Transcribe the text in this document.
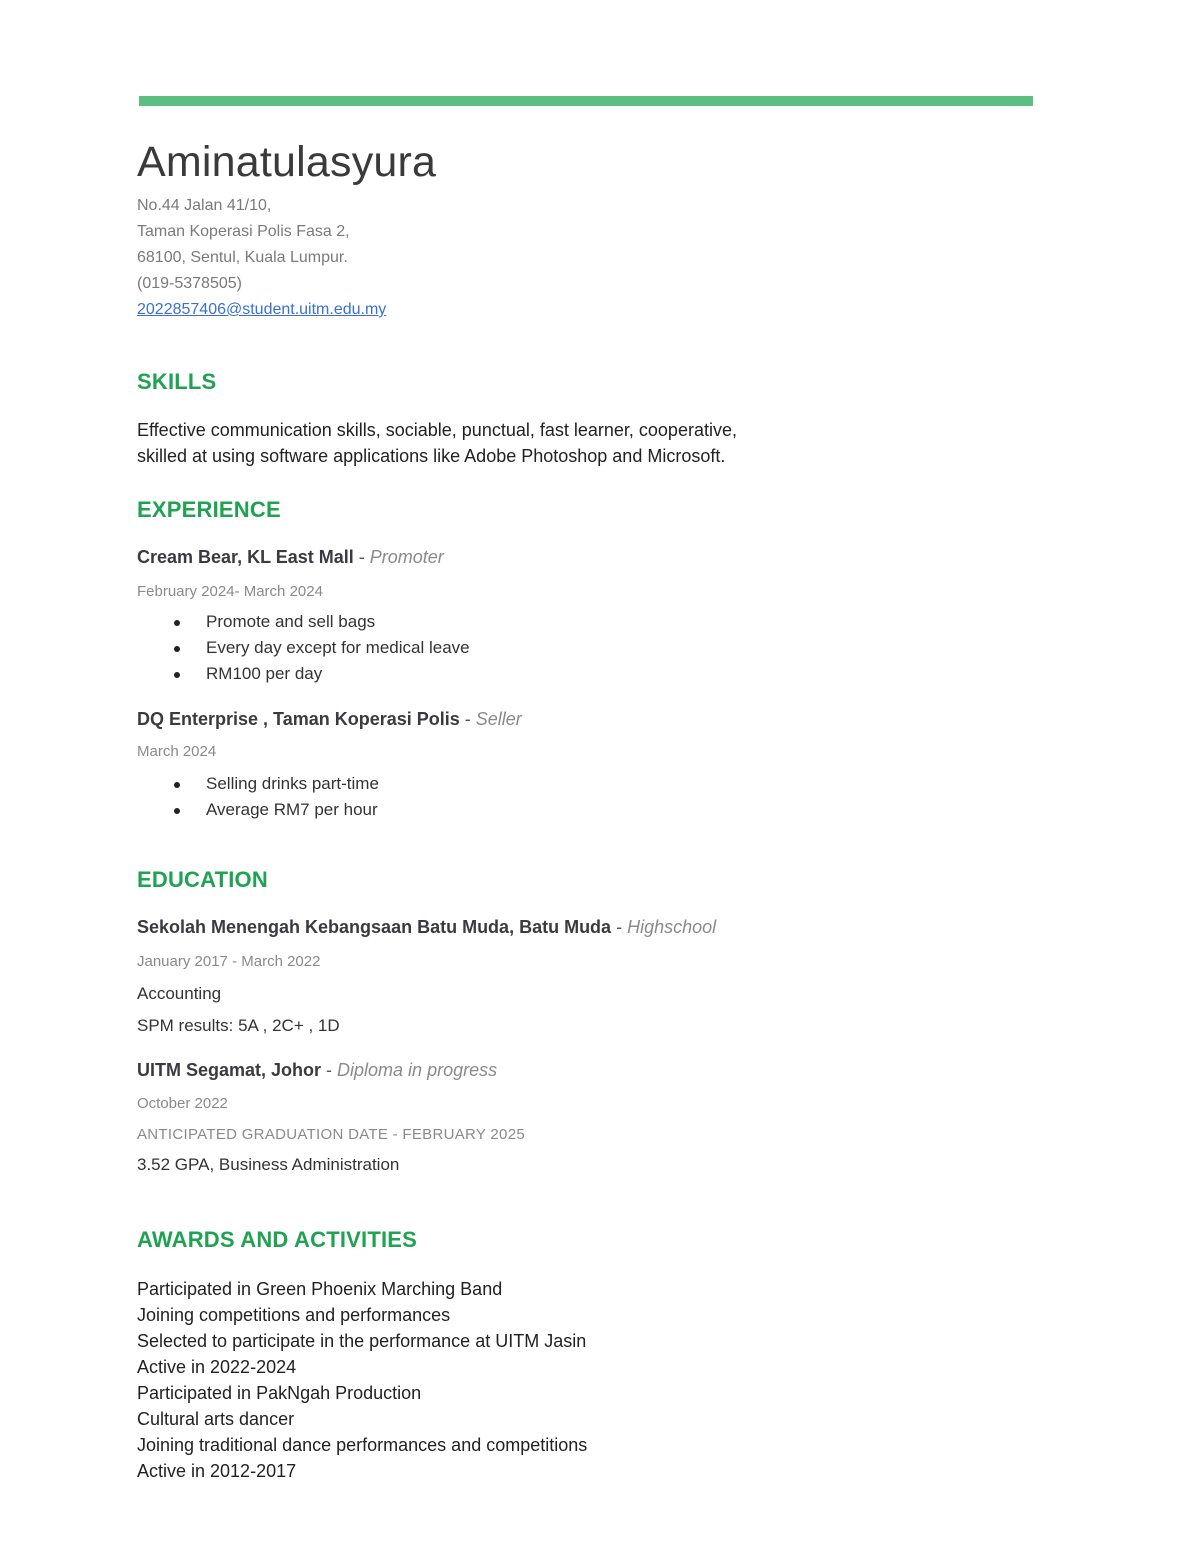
Aminatulasyura
No.44 Jalan 41/10,
Taman Koperasi Polis Fasa 2,
68100, Sentul, Kuala Lumpur.
(019-5378505)
2022857406@student.uitm.edu.my
SKILLS
Effective communication skills, sociable, punctual, fast learner, cooperative,
skilled at using software applications like Adobe Photoshop and Microsoft.
EXPERIENCE
Cream Bear, KL East Mall - Promoter
February 2024- March 2024
Promote and sell bags
Every day except for medical leave
RM100 per day
DQ Enterprise , Taman Koperasi Polis - Seller
March 2024
Selling drinks part-time
Average RM7 per hour
EDUCATION
Sekolah Menengah Kebangsaan Batu Muda, Batu Muda - Highschool
January 2017 - March 2022
Accounting
SPM results: 5A , 2C+ , 1D
UITM Segamat, Johor - Diploma in progress
October 2022
ANTICIPATED GRADUATION DATE - FEBRUARY 2025
3.52 GPA, Business Administration
AWARDS AND ACTIVITIES
Participated in Green Phoenix Marching Band
Joining competitions and performances
Selected to participate in the performance at UITM Jasin
Active in 2022-2024
Participated in PakNgah Production
Cultural arts dancer
Joining traditional dance performances and competitions
Active in 2012-2017
